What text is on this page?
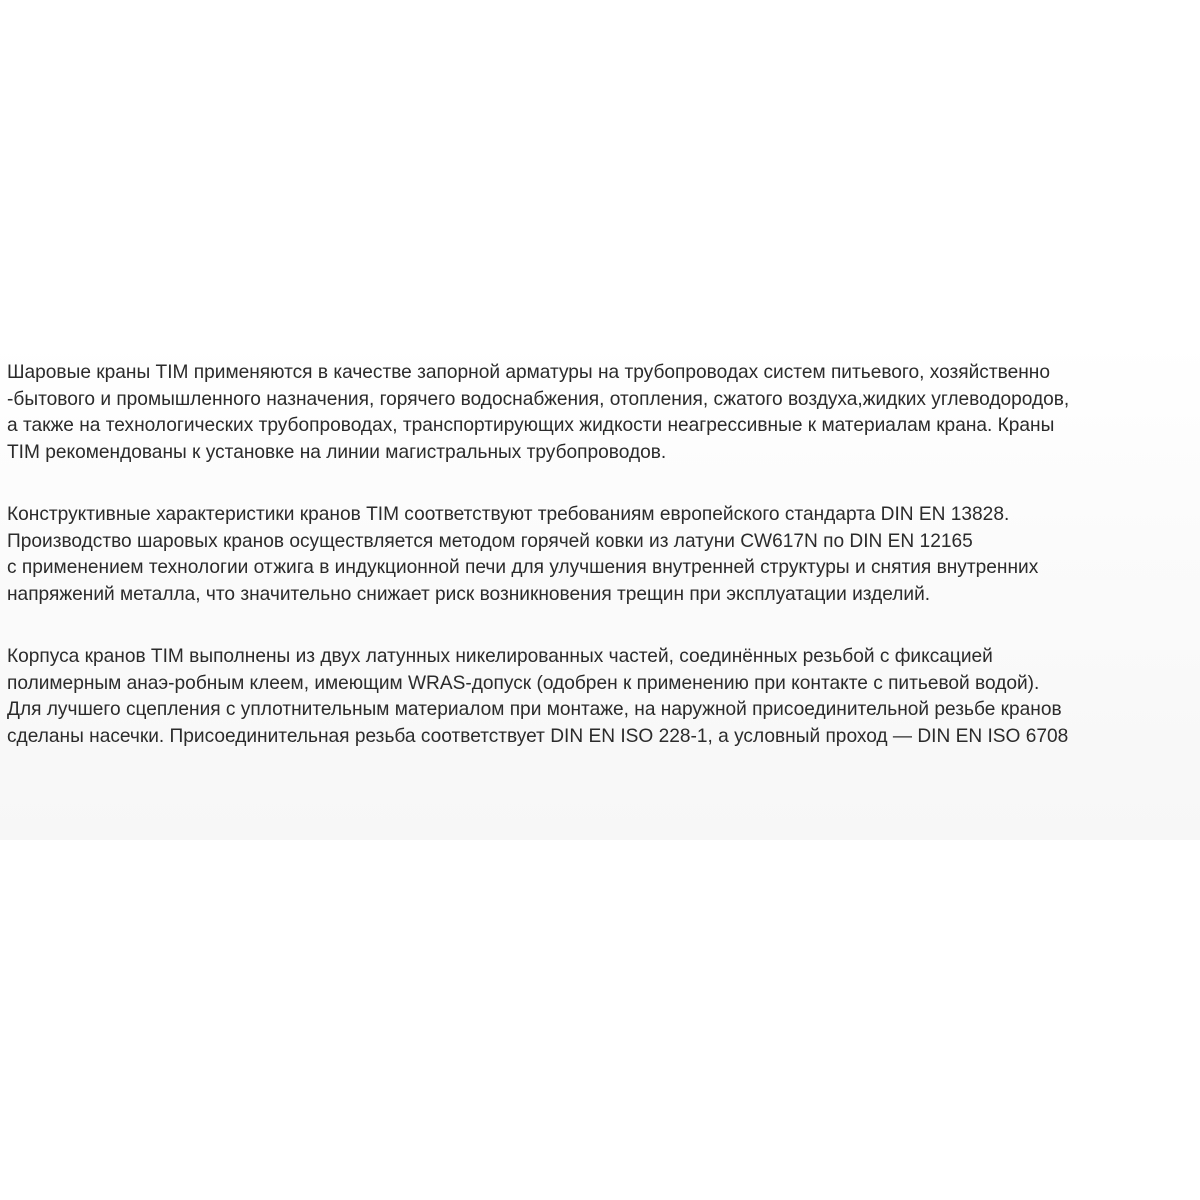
Шаровые краны TIM применяются в качестве запорной арматуры на трубопроводах систем питьевого, хозяйственно
-бытового и промышленного назначения, горячего водоснабжения, отопления, сжатого воздуха,жидких углеводородов,
а также на технологических трубопроводах, транспортирующих жидкости неагрессивные к материалам крана. Краны
TIM рекомендованы к установке на линии магистральных трубопроводов.

Конструктивные характеристики кранов TIM соответствуют требованиям европейского стандарта DIN EN 13828.
Производство шаровых кранов осуществляется методом горячей ковки из латуни CW617N по DIN EN 12165
с применением технологии отжига в индукционной печи для улучшения внутренней структуры и снятия внутренних
напряжений металла, что значительно снижает риск возникновения трещин при эксплуатации изделий.

Корпуса кранов TIM выполнены из двух латунных никелированных частей, соединённых резьбой с фиксацией
полимерным анаэ-робным клеем, имеющим WRAS-допуск (одобрен к применению при контакте с питьевой водой).
Для лучшего сцепления с уплотнительным материалом при монтаже, на наружной присоединительной резьбе кранов
сделаны насечки. Присоединительная резьба соответствует DIN EN ISO 228-1, а условный проход — DIN EN ISO 6708
